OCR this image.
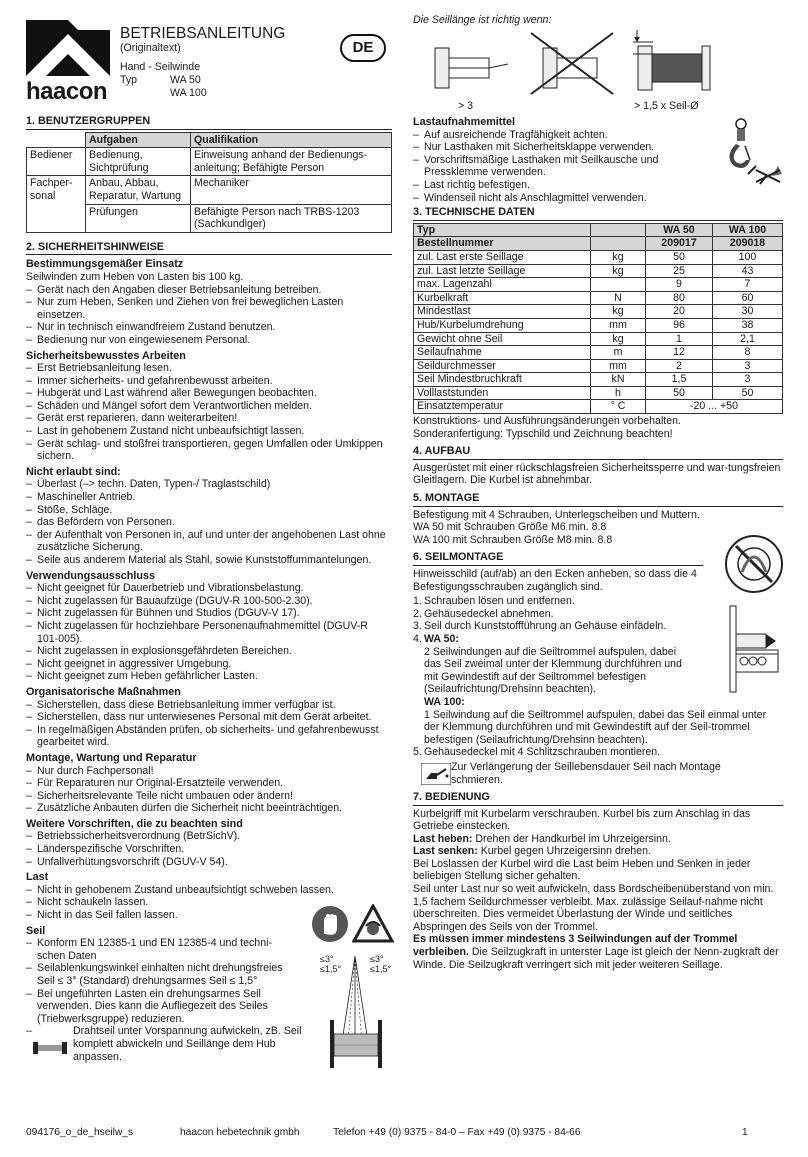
haacon
BETRIEBSANLEITUNG
(Originaltext)
Hand - Seilwinde
Typ	WA 50
WA 100
DE
1. BENUTZERGRUPPEN
	Aufgaben	Qualifikation
Bediener	Bedienung, Sichtprüfung	Einweisung anhand der Bedienungs-anleitung; Befähigte Person
Fachper-sonal	Anbau, Abbau, Reparatur, Wartung	Mechaniker
	Prüfungen	Befähigte Person nach TRBS-1203 (Sachkundiger)
2. SICHERHEITSHINWEISE
Bestimmungsgemäßer Einsatz

Seilwinden zum Heben von Lasten bis 100 kg.

– Gerät nach den Angaben dieser Betriebsanleitung betreiben.
– Nur zum Heben, Senken und Ziehen von frei beweglichen Lasten einsetzen.
– Nur in technisch einwandfreiem Zustand benutzen.
– Bedienung nur von eingewiesenem Personal.
Sicherheitsbewusstes Arbeiten
– Erst Betriebsanleitung lesen.
– Immer sicherheits- und gefahrenbewusst arbeiten.
– Hubgerät und Last während aller Bewegungen beobachten.
– Schäden und Mängel sofort dem Verantwortlichen melden.
– Gerät erst reparieren, dann weiterarbeiten!
– Last in gehobenem Zustand nicht unbeaufsichtigt lassen.
– Gerät schlag- und stoßfrei transportieren, gegen Umfallen oder Umkippen sichern.
Nicht erlaubt sind:
– Überlast (–> techn. Daten, Typen-/ Traglastschild)
– Maschineller Antrieb.
– Stöße, Schläge.
– das Befördern von Personen.
– der Aufenthalt von Personen in, auf und unter der angehobenen Last ohne zusätzliche Sicherung.
– Seile aus anderem Material als Stahl, sowie Kunststoffummantelungen.
Verwendungsausschluss
– Nicht geeignet für Dauerbetrieb und Vibrationsbelastung.
– Nicht zugelassen für Bauaufzüge (DGUV-R 100-500-2.30).
– Nicht zugelassen für Bühnen und Studios (DGUV-V 17).
– Nicht zugelassen für hochziehbare Personenaufnahmemittel (DGUV-R 101-005).
– Nicht zugelassen in explosionsgefährdeten Bereichen.
– Nicht geeignet in aggressiver Umgebung.
– Nicht geeignet zum Heben gefährlicher Lasten.
Organisatorische Maßnahmen
– Sicherstellen, dass diese Betriebsanleitung immer verfügbar ist.
– Sicherstellen, dass nur unterwiesenes Personal mit dem Gerät arbeitet.
– In regelmäßigen Abständen prüfen, ob sicherheits- und gefahrenbewusst gearbeitet wird.
Montage, Wartung und Reparatur
– Nur durch Fachpersonal!
– Für Reparaturen nur Original-Ersatzteile verwenden.
– Sicherheitsrelevante Teile nicht umbauen oder ändern!
– Zusätzliche Anbauten dürfen die Sicherheit nicht beeinträchtigen.
Weitere Vorschriften, die zu beachten sind
– Betriebssicherheitsverordnung (BetrSichV).
– Länderspezifische Vorschriften.
– Unfallverhütungsvorschrift (DGUV-V 54).
Last
– Nicht in gehobenem Zustand unbeaufsichtigt schweben lassen.
– Nicht schaukeln lassen.
– Nicht in das Seil fallen lassen.
Seil
– Konform EN 12385-1 und EN 12385-4 und techni-schen Daten
– Seilablenkungswinkel einhalten nicht drehungsfreies Seil ≤ 3° (Standard) drehungsarmes Seil ≤ 1,5°
– Bei ungeführten Lasten ein drehungsarmes Seil verwenden. Dies kann die Aufliegezeit des Seiles (Triebwerksgruppe) reduzieren.
–	Drahtseil unter Vorspannung aufwickeln, zB. Seil komplett abwickeln und Seillänge dem Hub anpassen.
≤3°
≤1,5°
≤3°
≤1,5°
Die Seillänge ist richtig wenn:
> 3	> 1,5 x Seil-Ø
Lastaufnahmemittel
– Auf ausreichende Tragfähigkeit achten.
– Nur Lasthaken mit Sicherheitsklappe verwenden.
– Vorschriftsmäßige Lasthaken mit Seilkausche und Pressklemme verwenden.
– Last richtig befestigen.
– Windenseil nicht als Anschlagmittel verwenden.
3. TECHNISCHE DATEN
Typ		WA 50	WA 100
Bestellnummer		209017	209018
zul. Last erste Seillage	kg	50	100
zul. Last letzte Seillage	kg	25	43
max. Lagenzahl		9	7
Kurbelkraft	N	80	60
Mindestlast	kg	20	30
Hub/Kurbelumdrehung	mm	96	38
Gewicht ohne Seil	kg	1	2,1
Seilaufnahme	m	12	8
Seildurchmesser	mm	2	3
Seil Mindestbruchkraft	kN	1,5	3
Volllaststunden	h	50	50
Einsatztemperatur	° C	-20 ... +50	

Konstruktions- und Ausführungsänderungen vorbehalten.

Sonderanfertigung: Typschild und Zeichnung beachten!

4. AUFBAU

Ausgerüstet mit einer rückschlagsfreien Sicherheitssperre und war-tungsfreien Gleitlagern. Die Kurbel ist abnehmbar.

5. MONTAGE

Befestigung mit 4 Schrauben, Unterlegscheiben und Muttern.

WA 50 mit Schrauben Größe M6 min. 8.8

WA 100 mit Schrauben Größe M8 min. 8.8

6. SEILMONTAGE

Hinweisschild (auf/ab) an den Ecken anheben, so dass die 4 Befestigungsschrauben zugänglich sind.

1. Schrauben lösen und entfernen.
2. Gehäusedeckel abnehmen.
3. Seil durch Kunststoffführung an Gehäuse einfädeln.
4. WA 50:
2 Seilwindungen auf die Seiltrommel aufspulen, dabei das Seil zweimal unter der Klemmung durchführen und mit Gewindestift auf der Seiltrommel befestigen (Seilaufrichtung/Drehsinn beachten).
WA 100:
1 Seilwindung auf die Seiltrommel aufspulen, dabei das Seil einmal unter der Klemmung durchführen und mit Gewindestift auf der Seil-trommel befestigen (Seilaufrichtung/Drehsinn beachten).
5. Gehäusedeckel mit 4 Schlitzschrauben montieren.
Zur Verlängerung der Seillebensdauer Seil nach Montage schmieren.
7. BEDIENUNG

Kurbelgriff mit Kurbelarm verschrauben. Kurbel bis zum Anschlag in das Getriebe einstecken.

Last heben: Drehen der Handkurbel im Uhrzeigersinn.

Last senken: Kurbel gegen Uhrzeigersinn drehen.

Bei Loslassen der Kurbel wird die Last beim Heben und Senken in jeder beliebigen Stellung sicher gehalten.

Seil unter Last nur so weit aufwickeln, dass Bordscheibenüberstand von min. 1,5 fachem Seildurchmesser verbleibt. Max. zulässige Seilauf-nahme nicht überschreiten. Dies vermeidet Überlastung der Winde und seitliches Abspringen des Seils von der Trommel.

Es müssen immer mindestens 3 Seilwindungen auf der Trommel verbleiben. Die Seilzugkraft in unterster Lage ist gleich der Nenn-zugkraft der Winde. Die Seilzugkraft verringert sich mit jeder weiteren Seillage.

094176_o_de_hseilw_s	haacon hebetechnik gmbh	Telefon +49 (0) 9375 - 84-0 – Fax +49 (0) 9375 - 84-66	1
